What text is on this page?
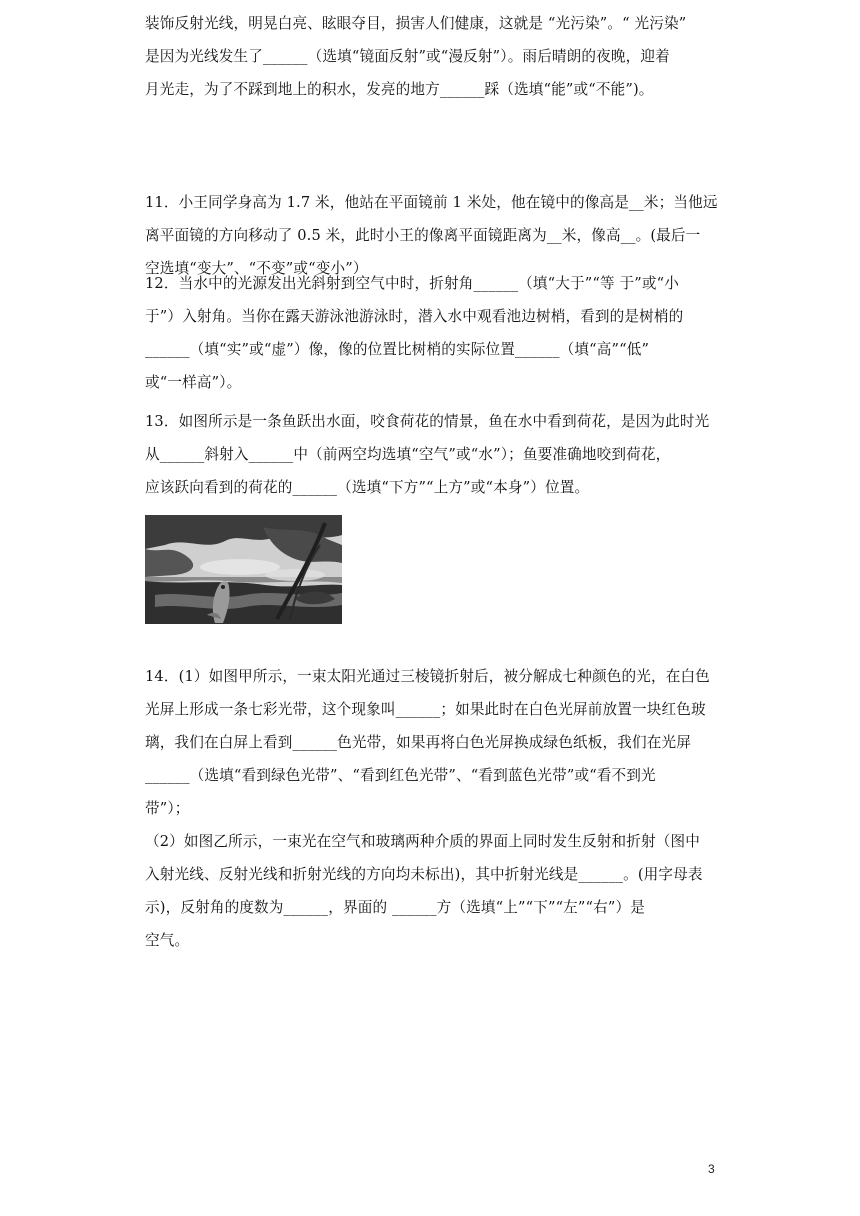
装饰反射光线，明晃白亮、眩眼夺目，损害人们健康，这就是 “光污染”。“ 光污染”
是因为光线发生了______（选填“镜面反射”或“漫反射”）。雨后晴朗的夜晚，迎着
月光走，为了不踩到地上的积水，发亮的地方______踩（选填“能”或“不能”)。
11．小王同学身高为 1.7 米，他站在平面镜前 1 米处，他在镜中的像高是__米；当他远
离平面镜的方向移动了 0.5 米，此时小王的像离平面镜距离为__米，像高__。(最后一
空选填“变大”、“不变”或“变小”）
12．当水中的光源发出光斜射到空气中时，折射角______（填“大于”“等 于”或“小
于”）入射角。当你在露天游泳池游泳时，潜入水中观看池边树梢，看到的是树梢的
______（填“实”或“虚”）像，像的位置比树梢的实际位置______（填“高”“低”
或“一样高”）。
13．如图所示是一条鱼跃出水面，咬食荷花的情景，鱼在水中看到荷花，是因为此时光
从______斜射入______中（前两空均选填“空气”或“水”）；鱼要准确地咬到荷花，
应该跃向看到的荷花的______（选填“下方”“上方”或“本身”）位置。
14．(1）如图甲所示，一束太阳光通过三棱镜折射后，被分解成七种颜色的光，在白色
光屏上形成一条七彩光带，这个现象叫______；如果此时在白色光屏前放置一块红色玻
璃，我们在白屏上看到______色光带，如果再将白色光屏换成绿色纸板，我们在光屏
______（选填“看到绿色光带”、“看到红色光带”、“看到蓝色光带”或“看不到光
带”）；
（2）如图乙所示，一束光在空气和玻璃两种介质的界面上同时发生反射和折射（图中
入射光线、反射光线和折射光线的方向均未标出)，其中折射光线是______。(用字母表
示)，反射角的度数为______，界面的 ______方（选填“上”“下”“左”“右”）是
空气。
3
